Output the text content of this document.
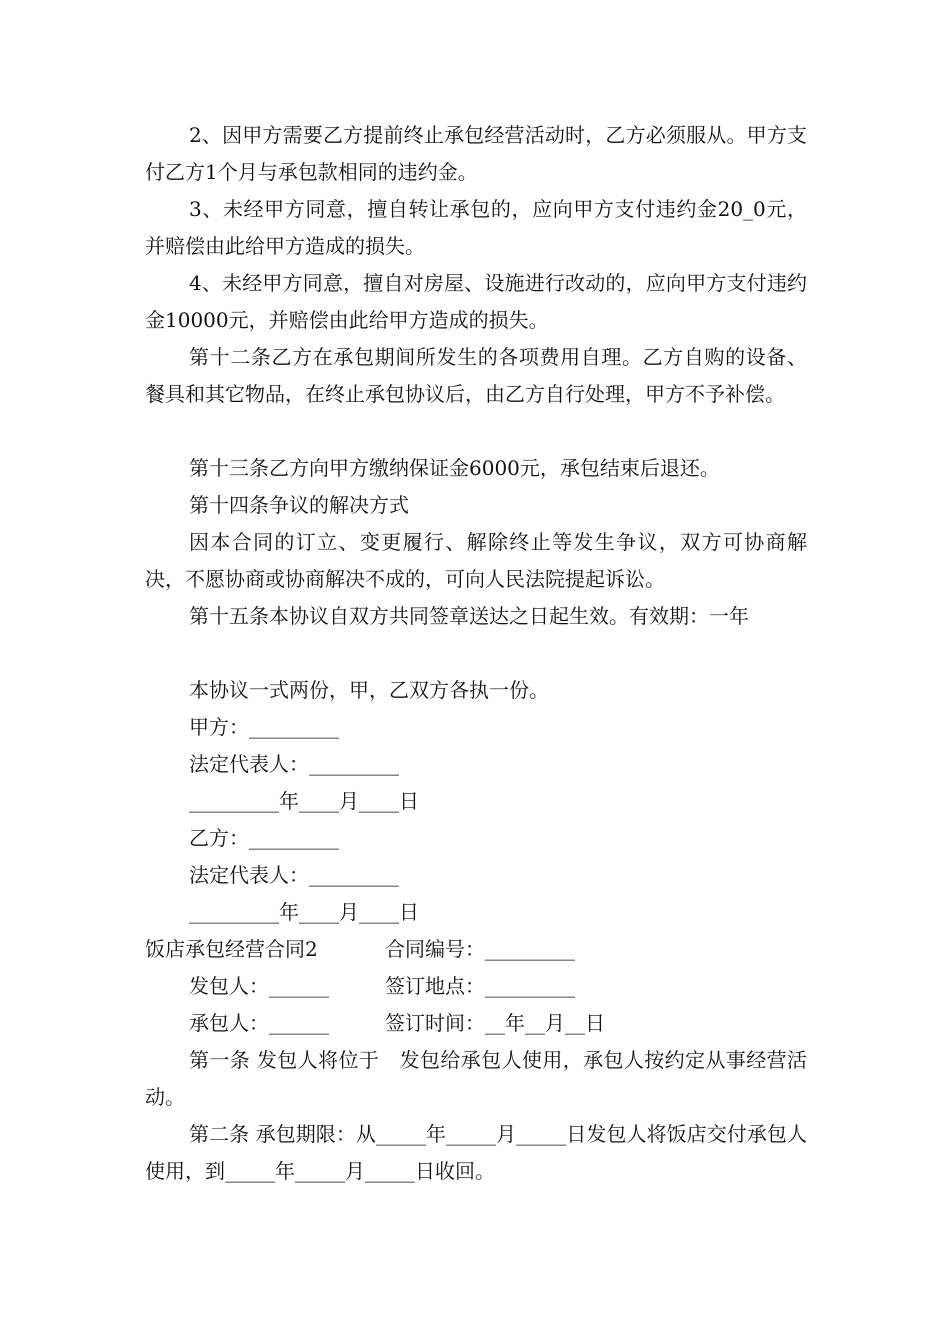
2、因甲方需要乙方提前终止承包经营活动时，乙方必须服从。甲方支付乙方1个月与承包款相同的违约金。

3、未经甲方同意，擅自转让承包的，应向甲方支付违约金20_0元，并赔偿由此给甲方造成的损失。

4、未经甲方同意，擅自对房屋、设施进行改动的，应向甲方支付违约金10000元，并赔偿由此给甲方造成的损失。

第十二条乙方在承包期间所发生的各项费用自理。乙方自购的设备、餐具和其它物品，在终止承包协议后，由乙方自行处理，甲方不予补偿。

第十三条乙方向甲方缴纳保证金6000元，承包结束后退还。

第十四条争议的解决方式

因本合同的订立、变更履行、解除终止等发生争议，双方可协商解决，不愿协商或协商解决不成的，可向人民法院提起诉讼。

第十五条本协议自双方共同签章送达之日起生效。有效期：一年

本协议一式两份，甲，乙双方各执一份。

甲方：_________
法定代表人：_________
_________年____月____日
乙方：_________
法定代表人：_________
_________年____月____日
饭店承包经营合同2	合同编号：_________
发包人：______	签订地点：_________
承包人：______	签订时间：__年__月__日

第一条 发包人将位于　发包给承包人使用，承包人按约定从事经营活动。

第二条 承包期限：从_____年_____月_____日发包人将饭店交付承包人使用，到_____年_____月_____日收回。
